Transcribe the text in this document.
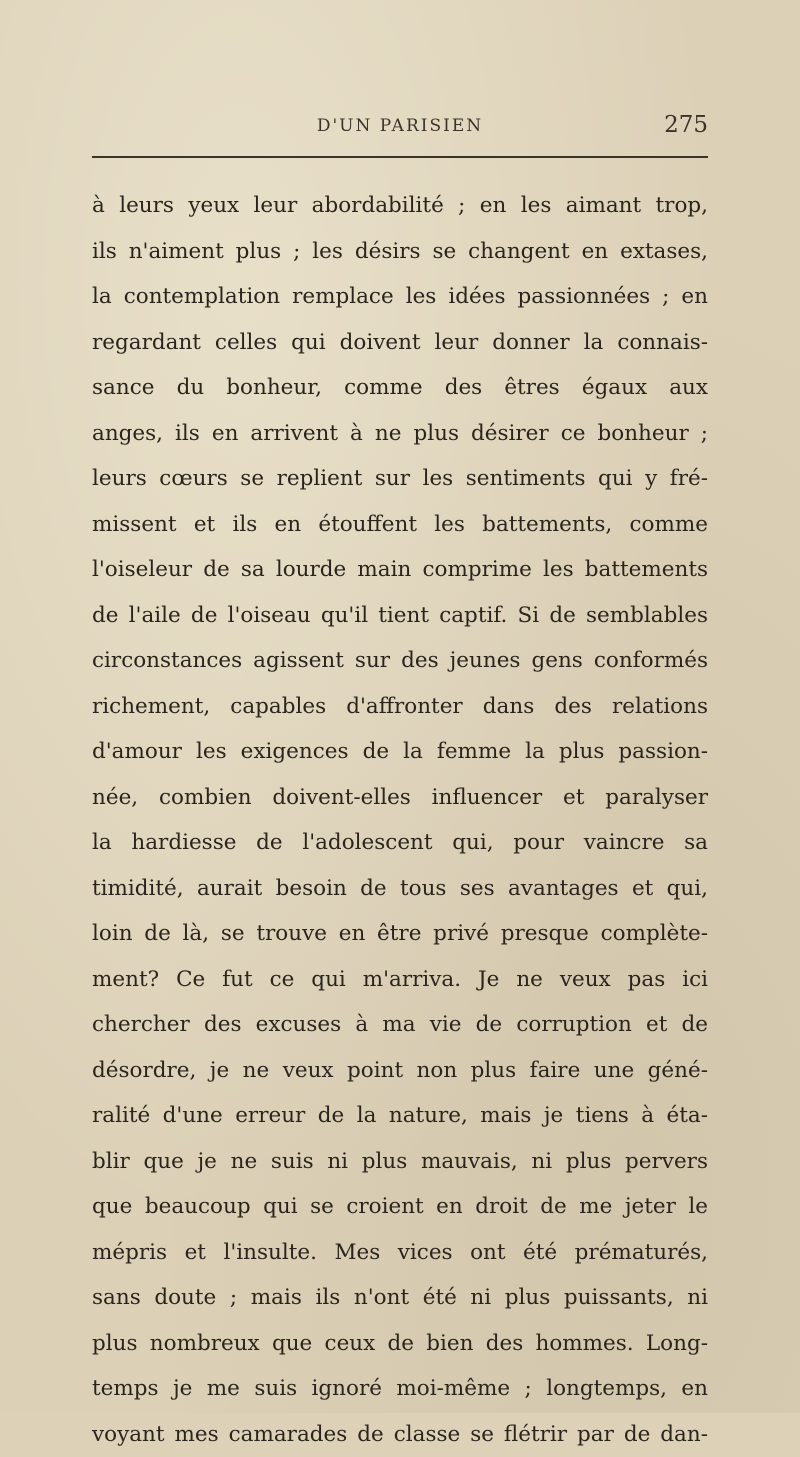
D'UN PARISIEN	275
à leurs yeux leur abordabilité ; en les aimant trop,
ils n'aiment plus ; les désirs se changent en extases,
la contemplation remplace les idées passionnées ; en
regardant celles qui doivent leur donner la connais-
sance du bonheur, comme des êtres égaux aux
anges, ils en arrivent à ne plus désirer ce bonheur ;
leurs cœurs se replient sur les sentiments qui y fré-
missent et ils en étouffent les battements, comme
l'oiseleur de sa lourde main comprime les battements
de l'aile de l'oiseau qu'il tient captif. Si de semblables
circonstances agissent sur des jeunes gens conformés
richement, capables d'affronter dans des relations
d'amour les exigences de la femme la plus passion-
née, combien doivent-elles influencer et paralyser
la hardiesse de l'adolescent qui, pour vaincre sa
timidité, aurait besoin de tous ses avantages et qui,
loin de là, se trouve en être privé presque complète-
ment? Ce fut ce qui m'arriva. Je ne veux pas ici
chercher des excuses à ma vie de corruption et de
désordre, je ne veux point non plus faire une géné-
ralité d'une erreur de la nature, mais je tiens à éta-
blir que je ne suis ni plus mauvais, ni plus pervers
que beaucoup qui se croient en droit de me jeter le
mépris et l'insulte. Mes vices ont été prématurés,
sans doute ; mais ils n'ont été ni plus puissants, ni
plus nombreux que ceux de bien des hommes. Long-
temps je me suis ignoré moi-même ; longtemps, en
voyant mes camarades de classe se flétrir par de dan-
